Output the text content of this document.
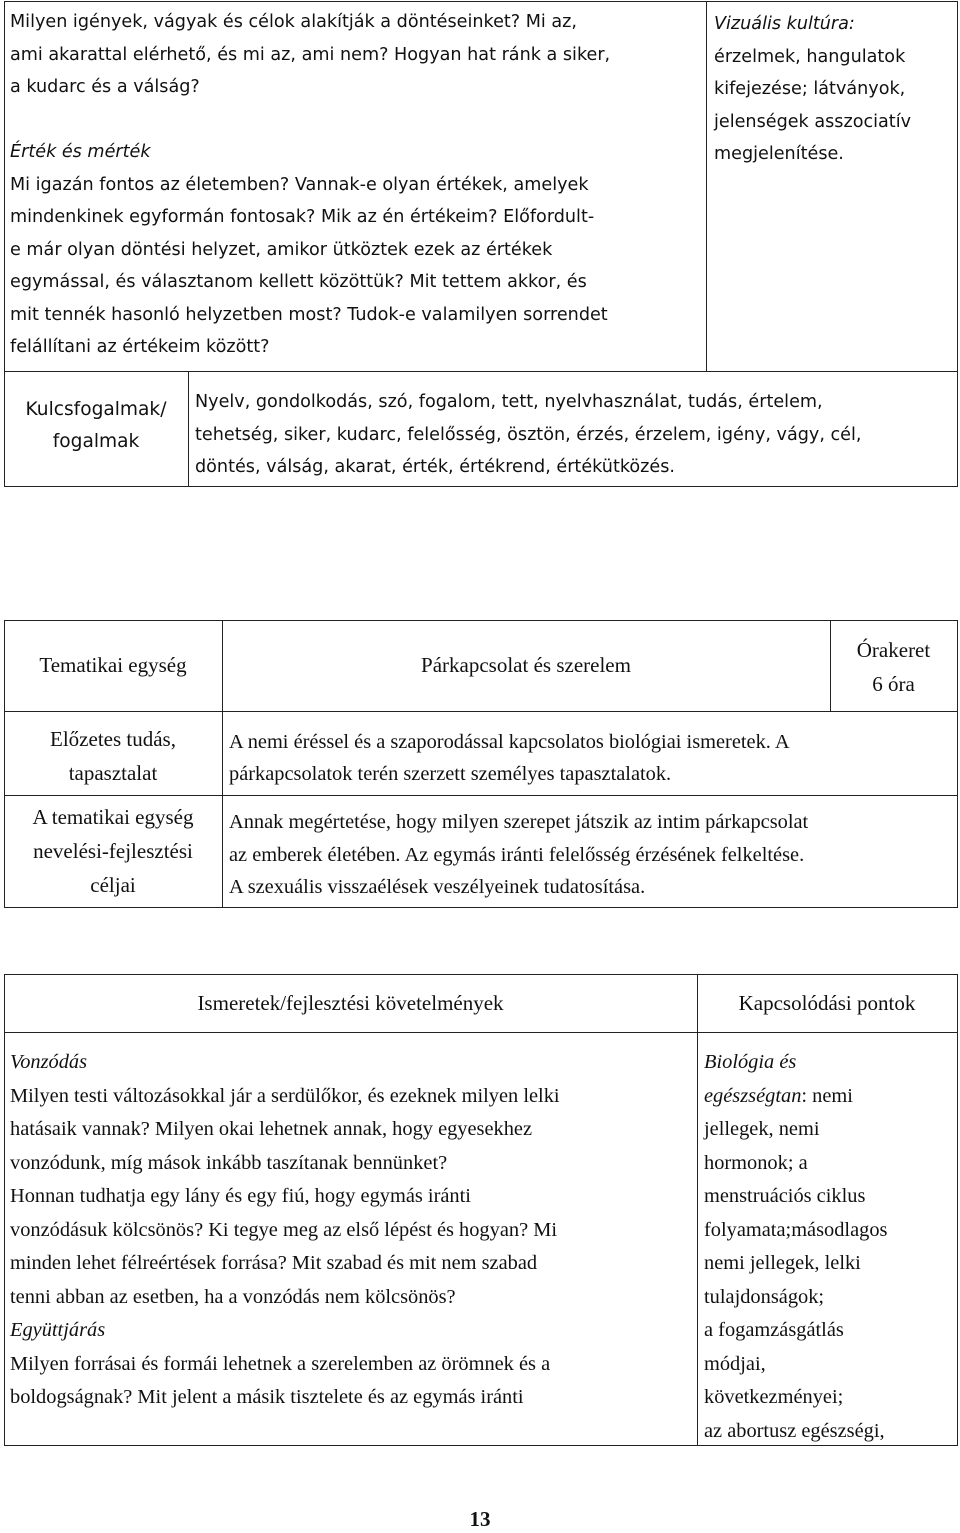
Milyen igények, vágyak és célok alakítják a döntéseinket? Mi az,
ami akarattal elérhető, és mi az, ami nem? Hogyan hat ránk a siker,
a kudarc és a válság?
Érték és mérték
Mi igazán fontos az életemben? Vannak-e olyan értékek, amelyek
mindenkinek egyformán fontosak? Mik az én értékeim? Előfordult-
e már olyan döntési helyzet, amikor ütköztek ezek az értékek
egymással, és választanom kellett közöttük? Mit tettem akkor, és
mit tennék hasonló helyzetben most? Tudok-e valamilyen sorrendet
felállítani az értékeim között?
Vizuális kultúra:
érzelmek, hangulatok
kifejezése; látványok,
jelenségek asszociatív
megjelenítése.
Kulcsfogalmak/
fogalmak
Nyelv, gondolkodás, szó, fogalom, tett, nyelvhasználat, tudás, értelem,
tehetség, siker, kudarc, felelősség, ösztön, érzés, érzelem, igény, vágy, cél,
döntés, válság, akarat, érték, értékrend, értékütközés.
Tematikai egység	Párkapcsolat és szerelem
Órakeret
6 óra
Előzetes tudás,
tapasztalat
A nemi éréssel és a szaporodással kapcsolatos biológiai ismeretek. A
párkapcsolatok terén szerzett személyes tapasztalatok.
A tematikai egység
nevelési-fejlesztési
céljai
Annak megértetése, hogy milyen szerepet játszik az intim párkapcsolat
az emberek életében. Az egymás iránti felelősség érzésének felkeltése.
A szexuális visszaélések veszélyeinek tudatosítása.
Ismeretek/fejlesztési követelmények	Kapcsolódási pontok
Vonzódás
Milyen testi változásokkal jár a serdülőkor, és ezeknek milyen lelki
hatásaik vannak? Milyen okai lehetnek annak, hogy egyesekhez
vonzódunk, míg mások inkább taszítanak bennünket?
Honnan tudhatja egy lány és egy fiú, hogy egymás iránti
vonzódásuk kölcsönös? Ki tegye meg az első lépést és hogyan? Mi
minden lehet félreértések forrása? Mit szabad és mit nem szabad
tenni abban az esetben, ha a vonzódás nem kölcsönös?
Együttjárás
Milyen forrásai és formái lehetnek a szerelemben az örömnek és a
boldogságnak? Mit jelent a másik tisztelete és az egymás iránti
Biológia és
egészségtan: nemi
jellegek, nemi
hormonok; a
menstruációs ciklus
folyamata;másodlagos
nemi jellegek, lelki
tulajdonságok;
a fogamzásgátlás
módjai,
következményei;
az abortusz egészségi,
13
